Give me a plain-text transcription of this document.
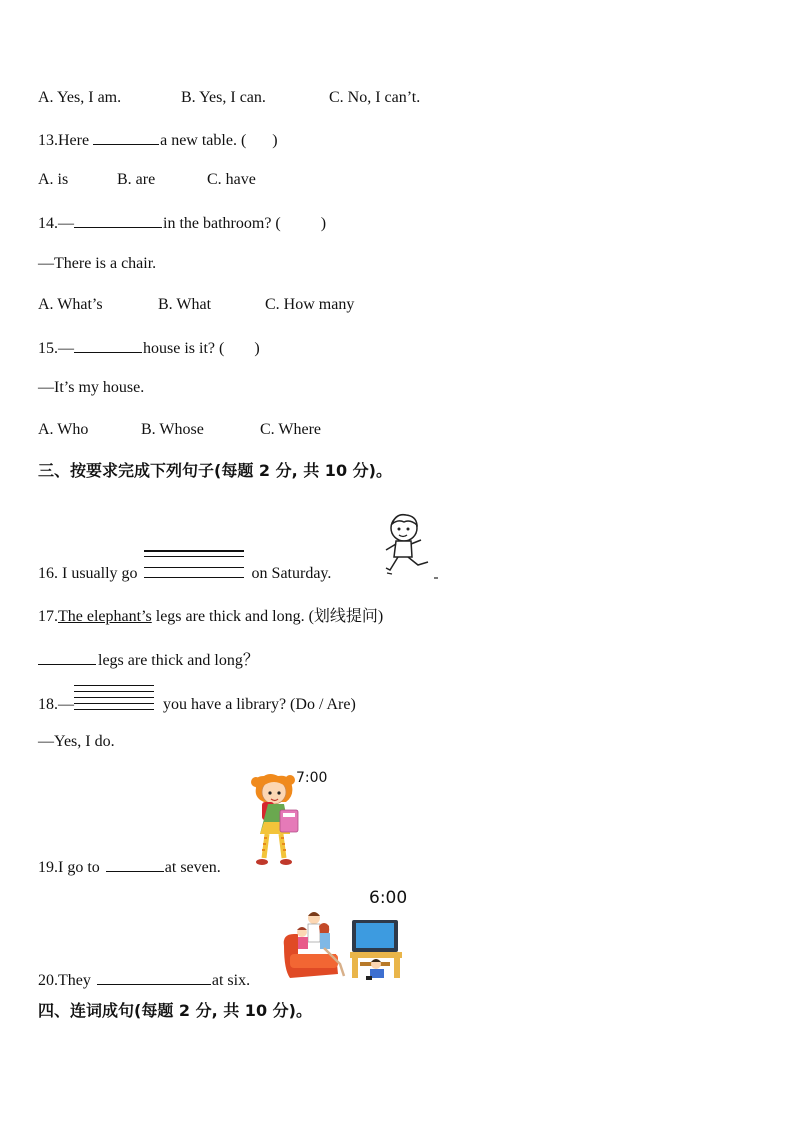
A. Yes, I am.	B. Yes, I can.	C. No, I can’t.
13.Here	a new table. ( )
A. is	B. are	C. have
14.—	in the bathroom? (	)
—There is a chair.
A. What’s	B. What	C. How many
15.—	house is it? ( )
—It’s my house.
A. Who	B. Whose	C. Where
三、按要求完成下列句子(每题 2 分, 共 10 分)。
16. I usually go	on Saturday.
17.The elephant’s legs are thick and long. (划线提问)
legs are thick and long？
18.—	you have a library? (Do / Are)
—Yes, I do.
7:00
19.I go to	at seven.
6:00
20.They	at six.
四、连词成句(每题 2 分, 共 10 分)。
